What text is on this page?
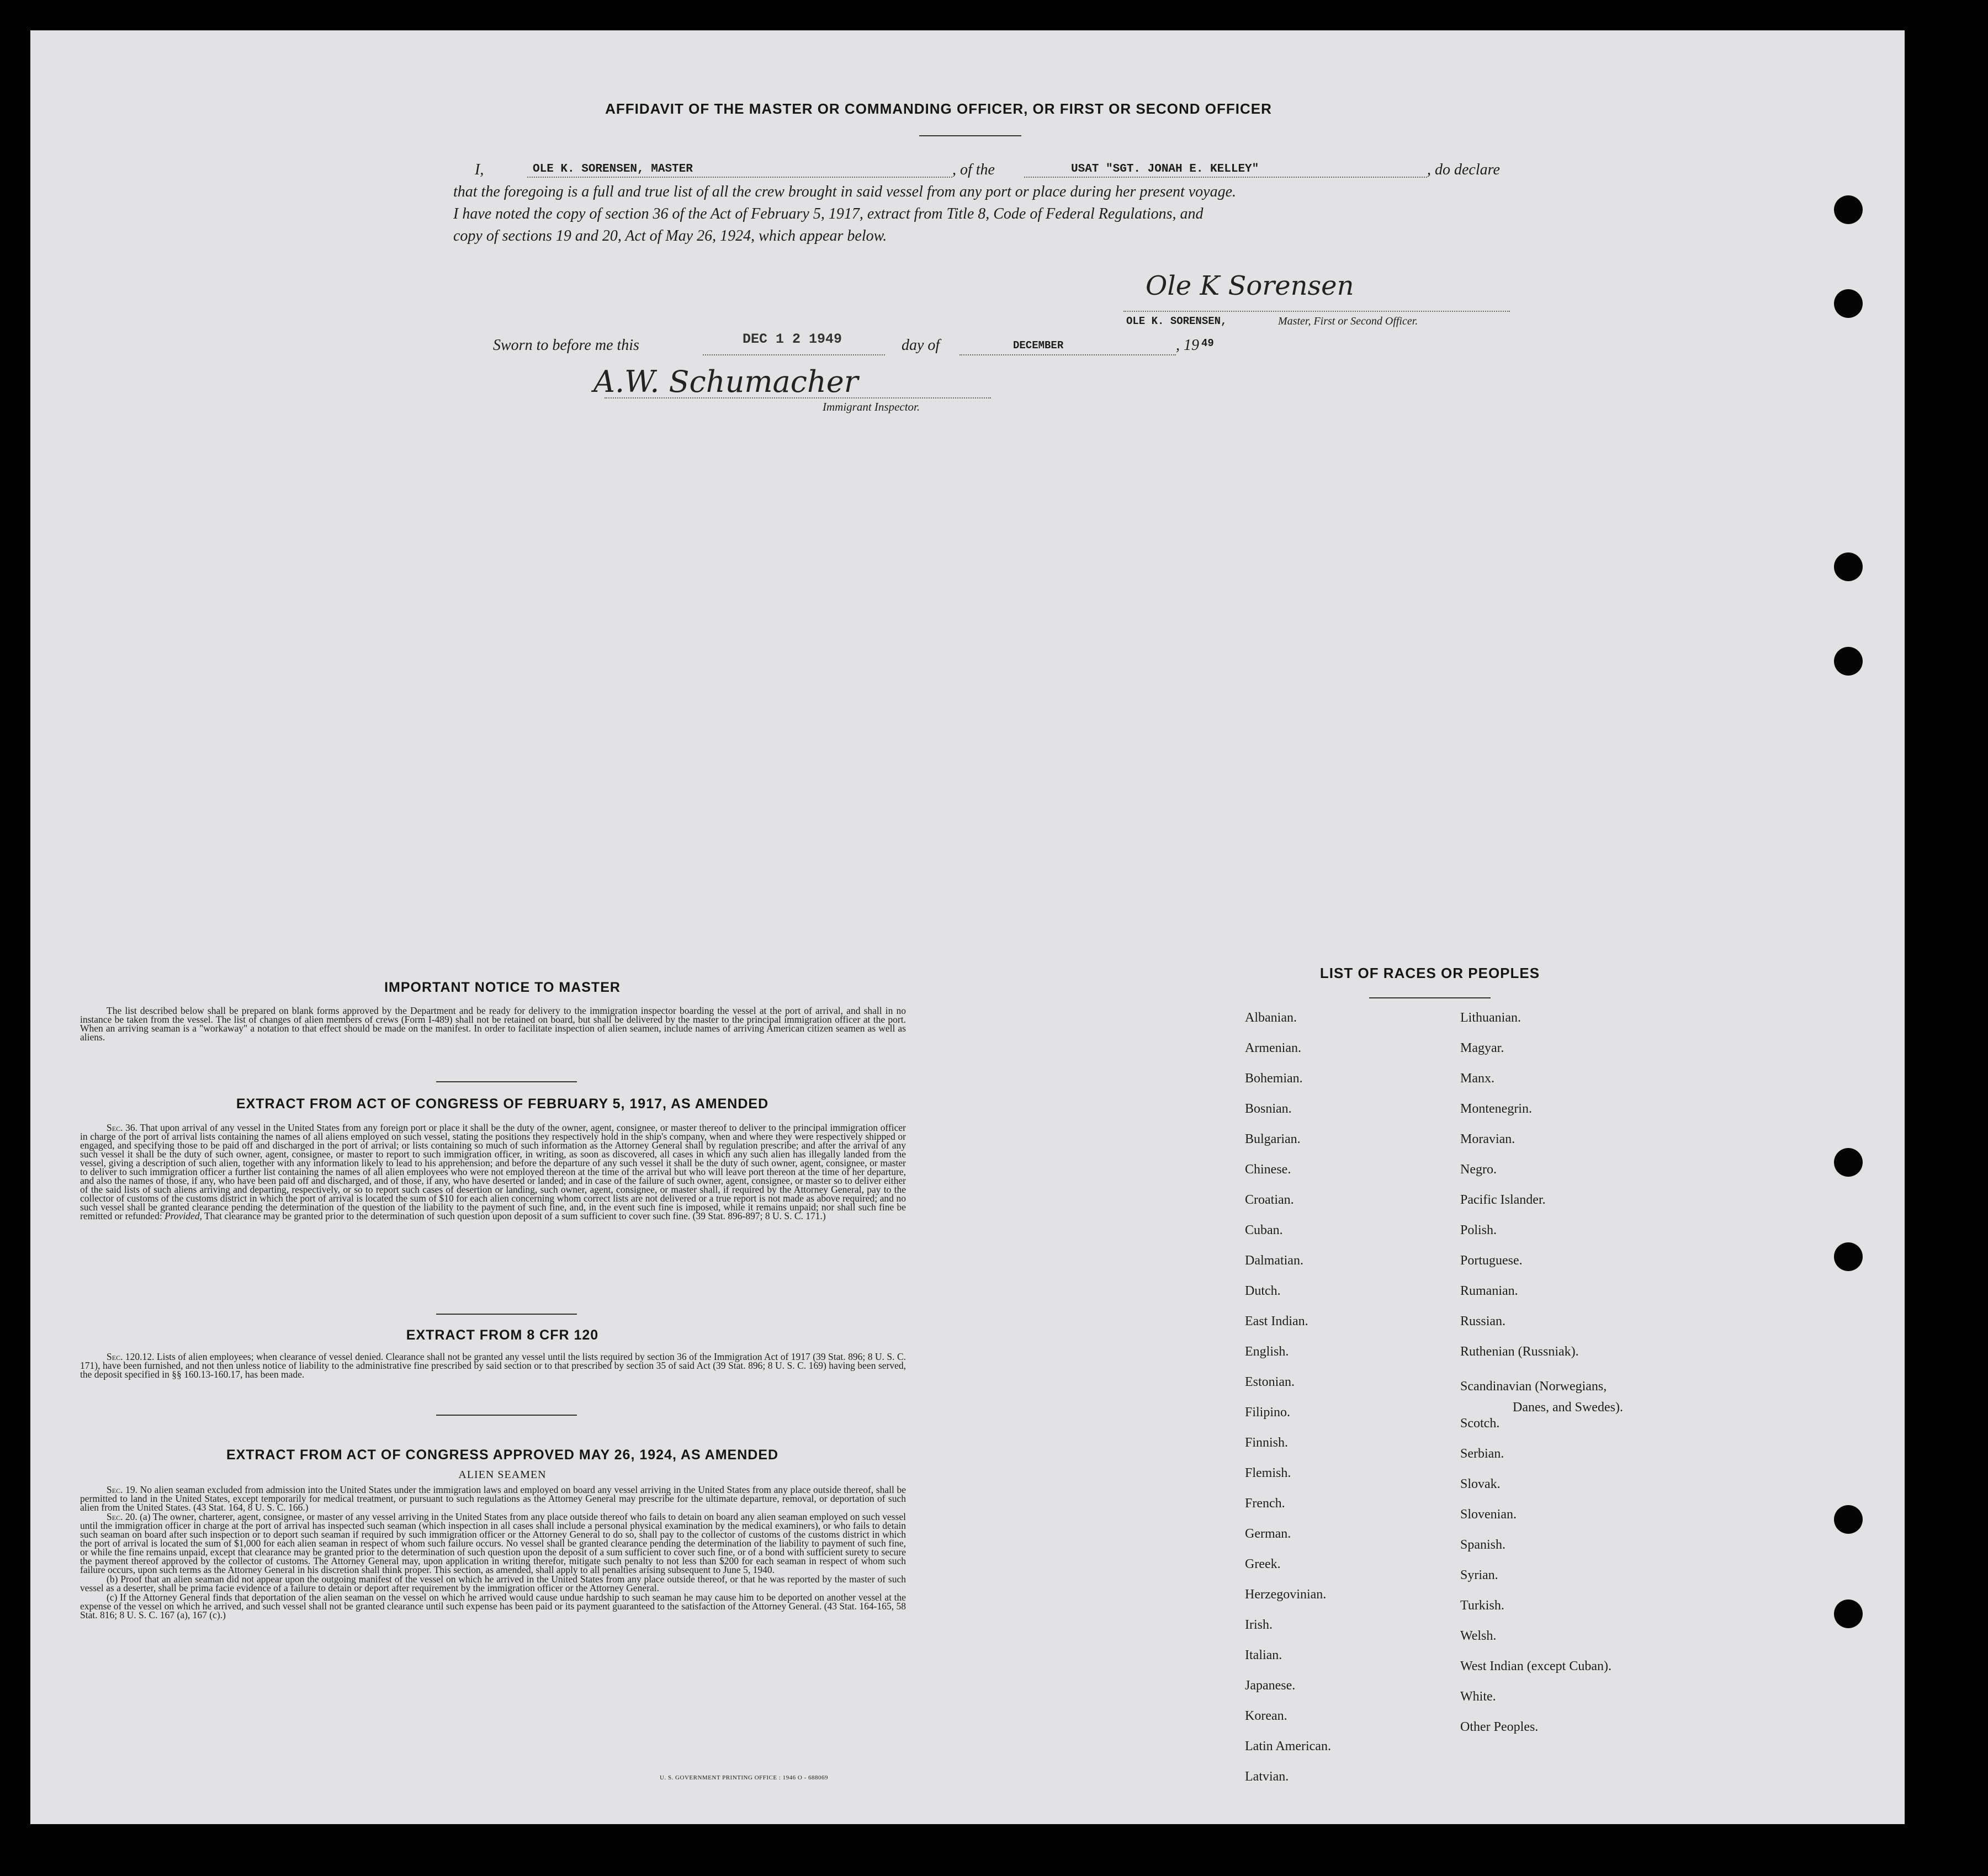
AFFIDAVIT OF THE MASTER OR COMMANDING OFFICER, OR FIRST OR SECOND OFFICER
I,	OLE K. SORENSEN, MASTER	, of the	USAT "SGT. JONAH E. KELLEY"	, do declare
that the foregoing is a full and true list of all the crew brought in said vessel from any port or place during her present voyage.
I have noted the copy of section 36 of the Act of February 5, 1917, extract from Title 8, Code of Federal Regulations, and
copy of sections 19 and 20, Act of May 26, 1924, which appear below.
Ole K Sorensen
OLE K. SORENSEN,	Master, First or Second Officer.
Sworn to before me this	DEC 1 2 1949	day of	DECEMBER	, 19 49
A.W. Schumacher
Immigrant Inspector.
IMPORTANT NOTICE TO MASTER

The list described below shall be prepared on blank forms approved by the Department and be ready for delivery to the immigration inspector boarding the vessel at the port of arrival, and shall in no instance be taken from the vessel. The list of changes of alien members of crews (Form I-489) shall not be retained on board, but shall be delivered by the master to the principal immigration officer at the port. When an arriving seaman is a "workaway" a notation to that effect should be made on the manifest. In order to facilitate inspection of alien seamen, include names of arriving American citizen seamen as well as aliens.

EXTRACT FROM ACT OF CONGRESS OF FEBRUARY 5, 1917, AS AMENDED

Sec. 36. That upon arrival of any vessel in the United States from any foreign port or place it shall be the duty of the owner, agent, consignee, or master thereof to deliver to the principal immigration officer in charge of the port of arrival lists containing the names of all aliens employed on such vessel, stating the positions they respectively hold in the ship's company, when and where they were respectively shipped or engaged, and specifying those to be paid off and discharged in the port of arrival; or lists containing so much of such information as the Attorney General shall by regulation prescribe; and after the arrival of any such vessel it shall be the duty of such owner, agent, consignee, or master to report to such immigration officer, in writing, as soon as discovered, all cases in which any such alien has illegally landed from the vessel, giving a description of such alien, together with any information likely to lead to his apprehension; and before the departure of any such vessel it shall be the duty of such owner, agent, consignee, or master to deliver to such immigration officer a further list containing the names of all alien employees who were not employed thereon at the time of the arrival but who will leave port thereon at the time of her departure, and also the names of those, if any, who have been paid off and discharged, and of those, if any, who have deserted or landed; and in case of the failure of such owner, agent, consignee, or master so to deliver either of the said lists of such aliens arriving and departing, respectively, or so to report such cases of desertion or landing, such owner, agent, consignee, or master shall, if required by the Attorney General, pay to the collector of customs of the customs district in which the port of arrival is located the sum of $10 for each alien concerning whom correct lists are not delivered or a true report is not made as above required; and no such vessel shall be granted clearance pending the determination of the question of the liability to the payment of such fine, and, in the event such fine is imposed, while it remains unpaid; nor shall such fine be remitted or refunded: Provided, That clearance may be granted prior to the determination of such question upon deposit of a sum sufficient to cover such fine. (39 Stat. 896-897; 8 U. S. C. 171.)

EXTRACT FROM 8 CFR 120

Sec. 120.12. Lists of alien employees; when clearance of vessel denied. Clearance shall not be granted any vessel until the lists required by section 36 of the Immigration Act of 1917 (39 Stat. 896; 8 U. S. C. 171), have been furnished, and not then unless notice of liability to the administrative fine prescribed by said section or to that prescribed by section 35 of said Act (39 Stat. 896; 8 U. S. C. 169) having been served, the deposit specified in §§ 160.13-160.17, has been made.

EXTRACT FROM ACT OF CONGRESS APPROVED MAY 26, 1924, AS AMENDED
ALIEN SEAMEN

Sec. 19. No alien seaman excluded from admission into the United States under the immigration laws and employed on board any vessel arriving in the United States from any place outside thereof, shall be permitted to land in the United States, except temporarily for medical treatment, or pursuant to such regulations as the Attorney General may prescribe for the ultimate departure, removal, or deportation of such alien from the United States. (43 Stat. 164, 8 U. S. C. 166.)

Sec. 20. (a) The owner, charterer, agent, consignee, or master of any vessel arriving in the United States from any place outside thereof who fails to detain on board any alien seaman employed on such vessel until the immigration officer in charge at the port of arrival has inspected such seaman (which inspection in all cases shall include a personal physical examination by the medical examiners), or who fails to detain such seaman on board after such inspection or to deport such seaman if required by such immigration officer or the Attorney General to do so, shall pay to the collector of customs of the customs district in which the port of arrival is located the sum of $1,000 for each alien seaman in respect of whom such failure occurs. No vessel shall be granted clearance pending the determination of the liability to payment of such fine, or while the fine remains unpaid, except that clearance may be granted prior to the determination of such question upon the deposit of a sum sufficient to cover such fine, or of a bond with sufficient surety to secure the payment thereof approved by the collector of customs. The Attorney General may, upon application in writing therefor, mitigate such penalty to not less than $200 for each seaman in respect of whom such failure occurs, upon such terms as the Attorney General in his discretion shall think proper. This section, as amended, shall apply to all penalties arising subsequent to June 5, 1940.

(b) Proof that an alien seaman did not appear upon the outgoing manifest of the vessel on which he arrived in the United States from any place outside thereof, or that he was reported by the master of such vessel as a deserter, shall be prima facie evidence of a failure to detain or deport after requirement by the immigration officer or the Attorney General.

(c) If the Attorney General finds that deportation of the alien seaman on the vessel on which he arrived would cause undue hardship to such seaman he may cause him to be deported on another vessel at the expense of the vessel on which he arrived, and such vessel shall not be granted clearance until such expense has been paid or its payment guaranteed to the satisfaction of the Attorney General. (43 Stat. 164-165, 58 Stat. 816; 8 U. S. C. 167 (a), 167 (c).)

U. S. GOVERNMENT PRINTING OFFICE : 1946 O - 688069
LIST OF RACES OR PEOPLES
Danes, and Swedes).
Albanian.
Armenian.
Bohemian.
Bosnian.
Bulgarian.
Chinese.
Croatian.
Cuban.
Dalmatian.
Dutch.
East Indian.
English.
Estonian.
Filipino.
Finnish.
Flemish.
French.
German.
Greek.
Herzegovinian.
Irish.
Italian.
Japanese.
Korean.
Latin American.
Latvian.
Lithuanian.
Magyar.
Manx.
Montenegrin.
Moravian.
Negro.
Pacific Islander.
Polish.
Portuguese.
Rumanian.
Russian.
Ruthenian (Russniak).
Scandinavian (Norwegians,
Scotch.
Serbian.
Slovak.
Slovenian.
Spanish.
Syrian.
Turkish.
Welsh.
West Indian (except Cuban).
White.
Other Peoples.
